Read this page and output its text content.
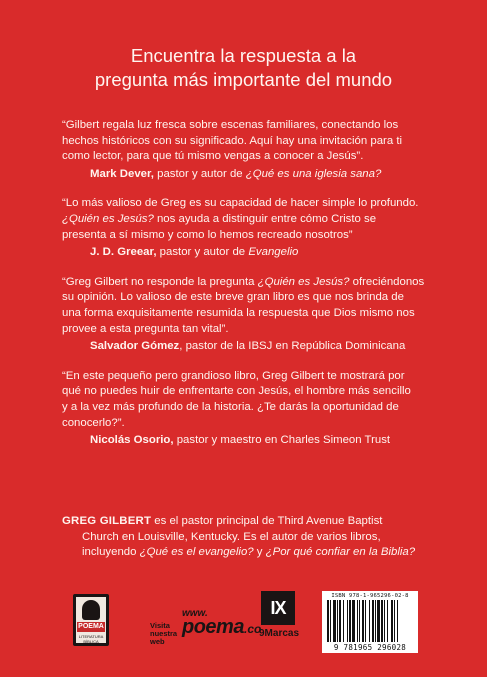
Encuentra la respuesta a la
pregunta más importante del mundo
“Gilbert regala luz fresca sobre escenas familiares, conectando los
hechos históricos con su significado. Aquí hay una invitación para ti
como lector, para que tú mismo vengas a conocer a Jesús”.
Mark Dever, pastor y autor de ¿Qué es una iglesia sana?
“Lo más valioso de Greg es su capacidad de hacer simple lo profundo.
¿Quién es Jesús? nos ayuda a distinguir entre cómo Cristo se
presenta a sí mismo y como lo hemos recreado nosotros”
J. D. Greear, pastor y autor de Evangelio
“Greg Gilbert no responde la pregunta ¿Quién es Jesús? ofreciéndonos
su opinión. Lo valioso de este breve gran libro es que nos brinda de
una forma exquisitamente resumida la respuesta que Dios mismo nos
provee a esta pregunta tan vital”.
Salvador Gómez, pastor de la IBSJ en República Dominicana
“En este pequeño pero grandioso libro, Greg Gilbert te mostrará por
qué no puedes huir de enfrentarte con Jesús, el hombre más sencillo
y a la vez más profundo de la historia. ¿Te darás la oportunidad de
conocerlo?”.
Nicolás Osorio, pastor y maestro en Charles Simeon Trust
GREG GILBERT es el pastor principal de Third Avenue Baptist
Church en Louisville, Kentucky. Es el autor de varios libros,
incluyendo ¿Qué es el evangelio? y ¿Por qué confiar en la Biblia?
POEMA
LITERATURA BÍBLICA
Visita nuestra web
www.
poema .co
IX
9Marcas
ISBN 978-1-965296-02-8
9 781965 296028
